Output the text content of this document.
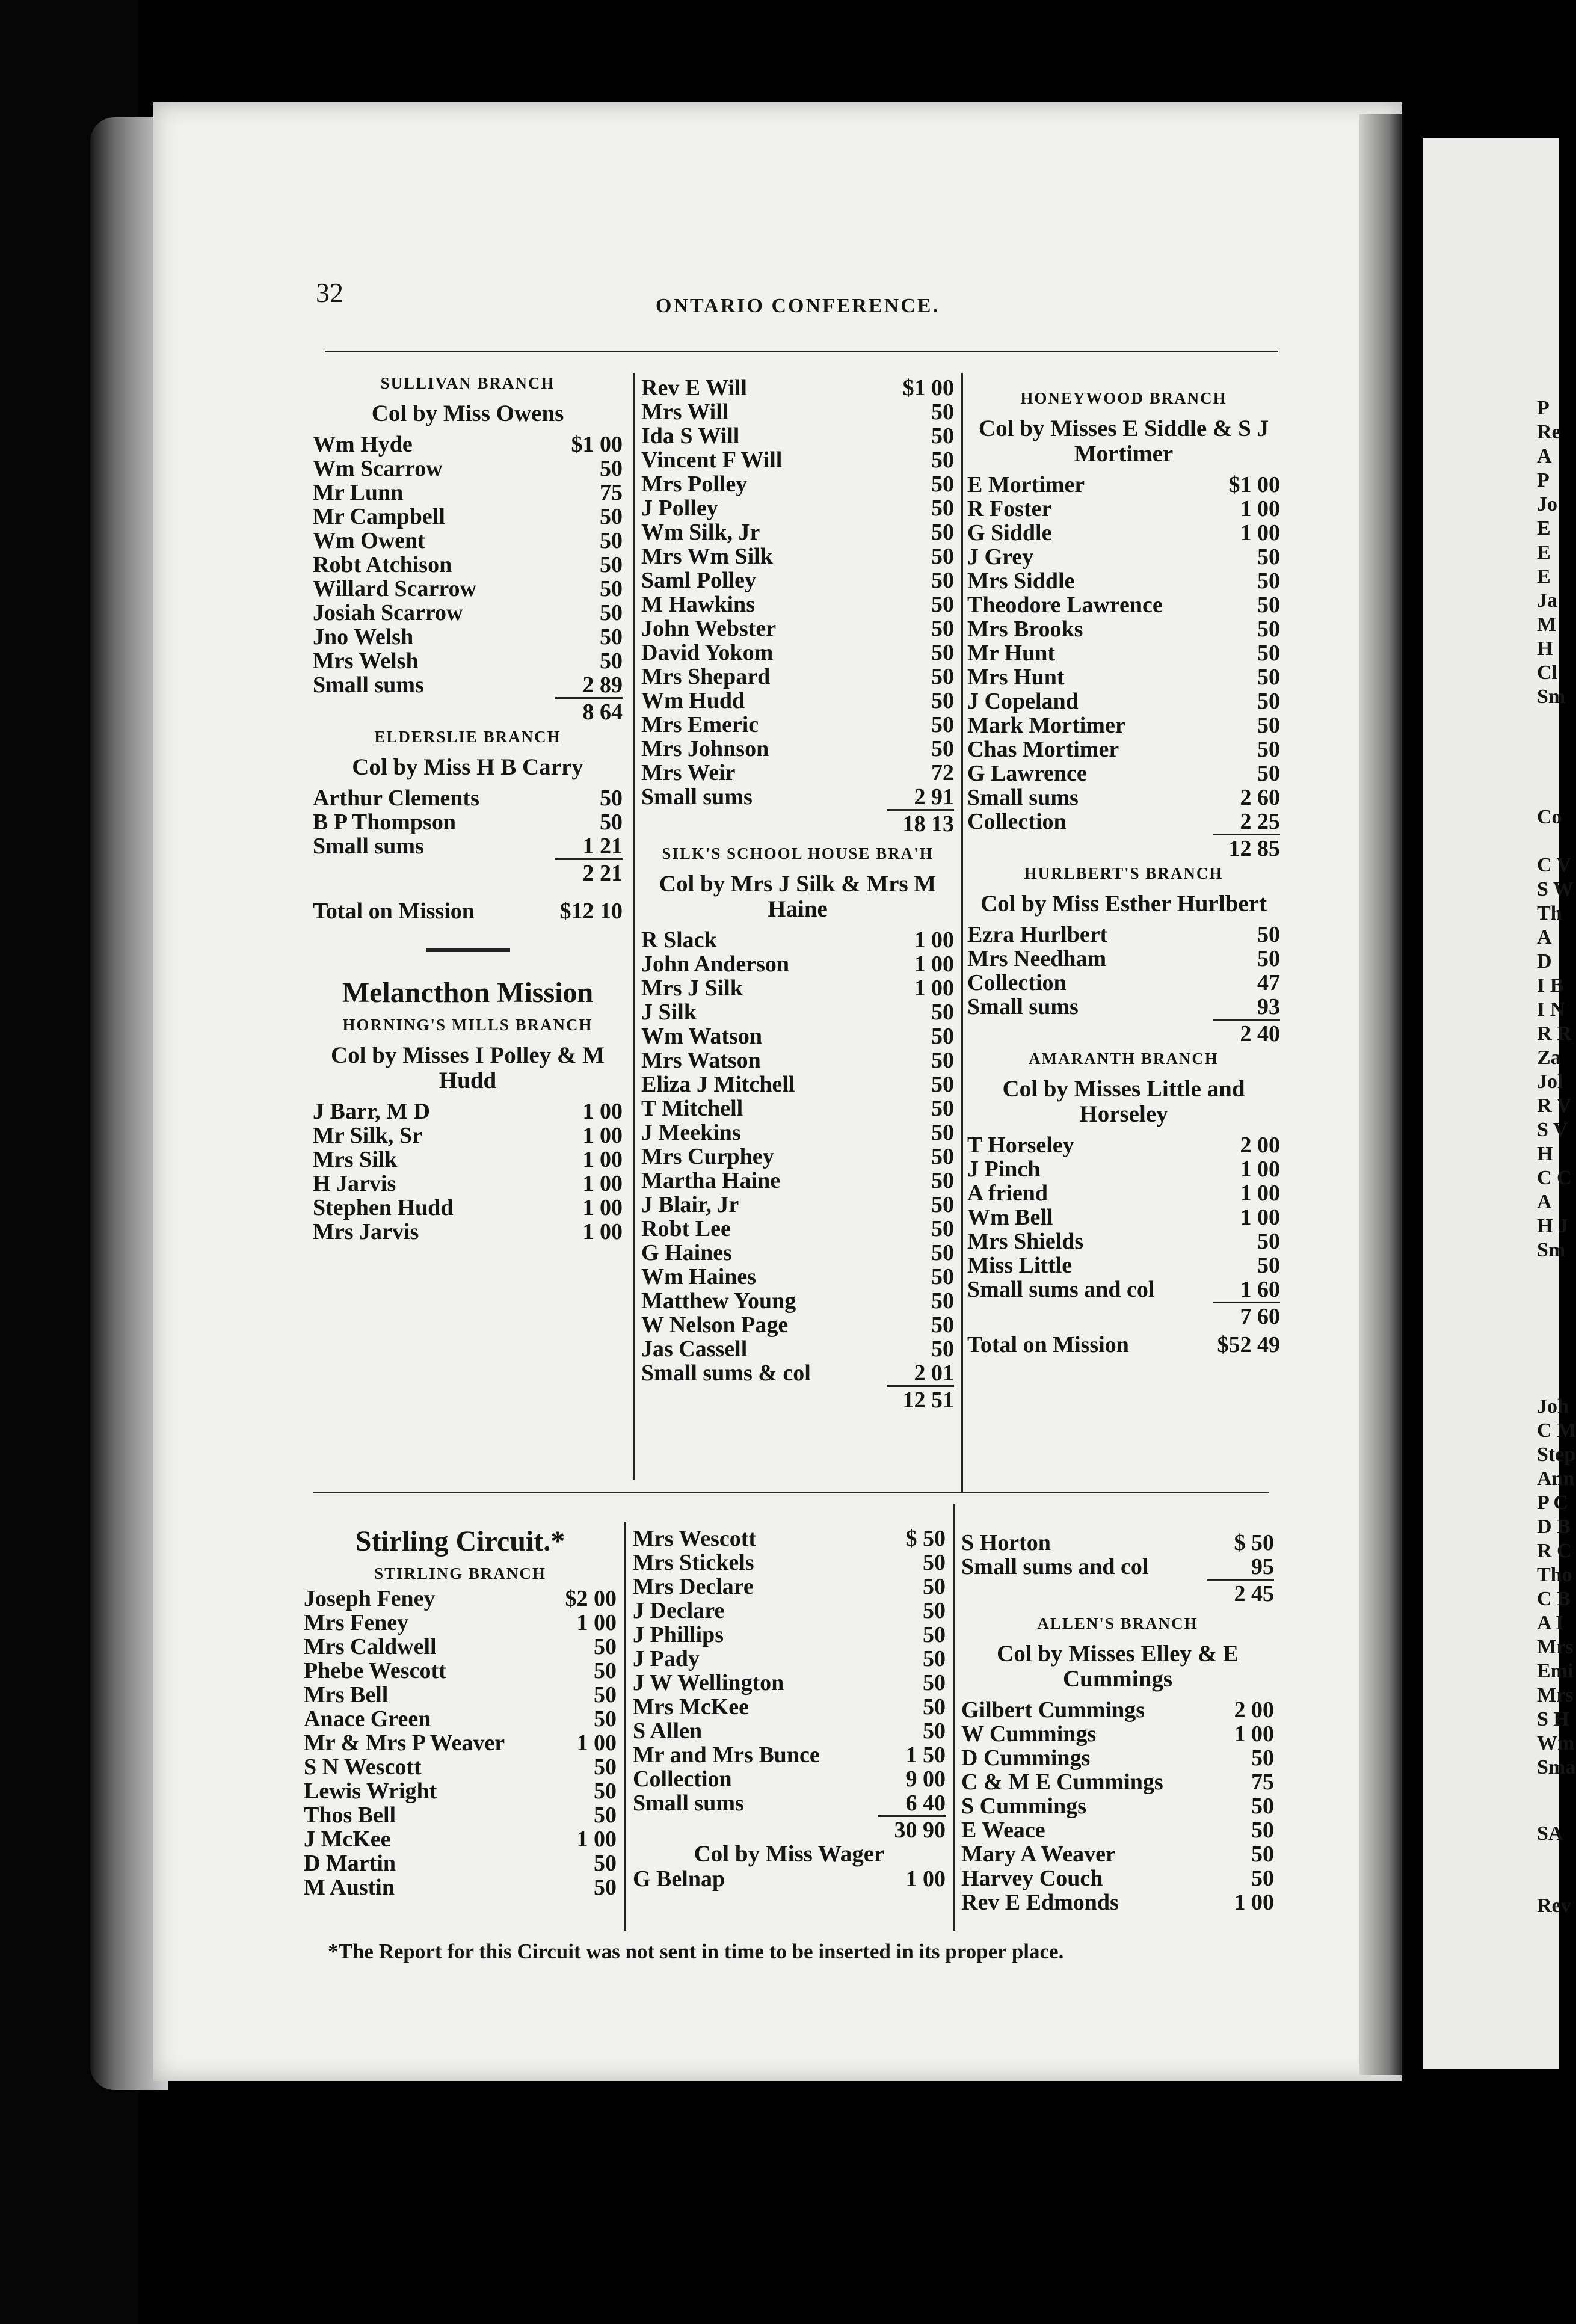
P
Re
A
P
Jo
E
E
E
Ja
M
H
Cl
Sm
Co
C V
S W
Th
A
D
I B
I N
R R
Za
Jol
R V
S V
H
C C
A
H J
Sm
Joh
C M
Step
Ann
P C
D B
R C
Tho
C B
A I
Mrs
Emi
Mrs
S H
Wm
Sma
SA
Rev
32	ONTARIO CONFERENCE.
SULLIVAN BRANCH
Col by Miss Owens
Wm Hyde	$1 00
Wm Scarrow	50
Mr Lunn	75
Mr Campbell	50
Wm Owent	50
Robt Atchison	50
Willard Scarrow	50
Josiah Scarrow	50
Jno Welsh	50
Mrs Welsh	50
Small sums	2 89
8 64
ELDERSLIE BRANCH
Col by Miss H B Carry
Arthur Clements	50
B P Thompson	50
Small sums	1 21
2 21
Total on Mission	$12 10
Melancthon Mission
HORNING'S MILLS BRANCH
Col by Misses I Polley & M Hudd
J Barr, M D	1 00
Mr Silk, Sr	1 00
Mrs Silk	1 00
H Jarvis	1 00
Stephen Hudd	1 00
Mrs Jarvis	1 00
Rev E Will	$1 00
Mrs Will	50
Ida S Will	50
Vincent F Will	50
Mrs Polley	50
J Polley	50
Wm Silk, Jr	50
Mrs Wm Silk	50
Saml Polley	50
M Hawkins	50
John Webster	50
David Yokom	50
Mrs Shepard	50
Wm Hudd	50
Mrs Emeric	50
Mrs Johnson	50
Mrs Weir	72
Small sums	2 91
18 13
SILK'S SCHOOL HOUSE BRA'H
Col by Mrs J Silk & Mrs M Haine
R Slack	1 00
John Anderson	1 00
Mrs J Silk	1 00
J Silk	50
Wm Watson	50
Mrs Watson	50
Eliza J Mitchell	50
T Mitchell	50
J Meekins	50
Mrs Curphey	50
Martha Haine	50
J Blair, Jr	50
Robt Lee	50
G Haines	50
Wm Haines	50
Matthew Young	50
W Nelson Page	50
Jas Cassell	50
Small sums & col	2 01
12 51
HONEYWOOD BRANCH
Col by Misses E Siddle & S J Mortimer
E Mortimer	$1 00
R Foster	1 00
G Siddle	1 00
J Grey	50
Mrs Siddle	50
Theodore Lawrence	50
Mrs Brooks	50
Mr Hunt	50
Mrs Hunt	50
J Copeland	50
Mark Mortimer	50
Chas Mortimer	50
G Lawrence	50
Small sums	2 60
Collection	2 25
12 85
HURLBERT'S BRANCH
Col by Miss Esther Hurlbert
Ezra Hurlbert	50
Mrs Needham	50
Collection	47
Small sums	93
2 40
AMARANTH BRANCH
Col by Misses Little and Horseley
T Horseley	2 00
J Pinch	1 00
A friend	1 00
Wm Bell	1 00
Mrs Shields	50
Miss Little	50
Small sums and col	1 60
7 60
Total on Mission	$52 49
Stirling Circuit.*
STIRLING BRANCH
Joseph Feney	$2 00
Mrs Feney	1 00
Mrs Caldwell	50
Phebe Wescott	50
Mrs Bell	50
Anace Green	50
Mr & Mrs P Weaver	1 00
S N Wescott	50
Lewis Wright	50
Thos Bell	50
J McKee	1 00
D Martin	50
M Austin	50
Mrs Wescott	$ 50
Mrs Stickels	50
Mrs Declare	50
J Declare	50
J Phillips	50
J Pady	50
J W Wellington	50
Mrs McKee	50
S Allen	50
Mr and Mrs Bunce	1 50
Collection	9 00
Small sums	6 40
30 90
Col by Miss Wager
G Belnap	1 00
S Horton	$ 50
Small sums and col	95
2 45
ALLEN'S BRANCH
Col by Misses Elley & E Cummings
Gilbert Cummings	2 00
W Cummings	1 00
D Cummings	50
C & M E Cummings	75
S Cummings	50
E Weace	50
Mary A Weaver	50
Harvey Couch	50
Rev E Edmonds	1 00
*The Report for this Circuit was not sent in time to be inserted in its proper place.
